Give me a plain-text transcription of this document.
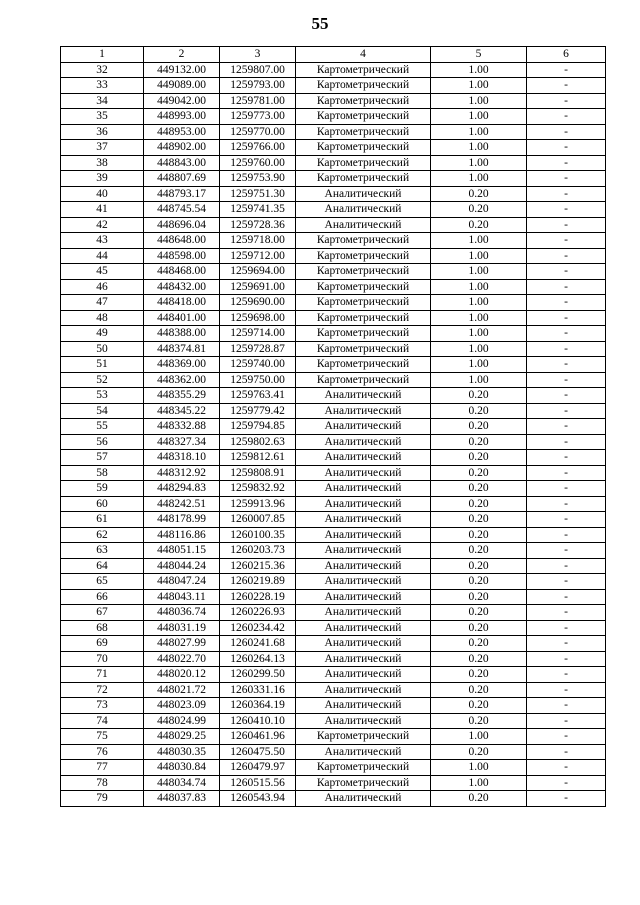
55
1	2	3	4	5	6
32	449132.00	1259807.00	Картометрический	1.00	-
33	449089.00	1259793.00	Картометрический	1.00	-
34	449042.00	1259781.00	Картометрический	1.00	-
35	448993.00	1259773.00	Картометрический	1.00	-
36	448953.00	1259770.00	Картометрический	1.00	-
37	448902.00	1259766.00	Картометрический	1.00	-
38	448843.00	1259760.00	Картометрический	1.00	-
39	448807.69	1259753.90	Картометрический	1.00	-
40	448793.17	1259751.30	Аналитический	0.20	-
41	448745.54	1259741.35	Аналитический	0.20	-
42	448696.04	1259728.36	Аналитический	0.20	-
43	448648.00	1259718.00	Картометрический	1.00	-
44	448598.00	1259712.00	Картометрический	1.00	-
45	448468.00	1259694.00	Картометрический	1.00	-
46	448432.00	1259691.00	Картометрический	1.00	-
47	448418.00	1259690.00	Картометрический	1.00	-
48	448401.00	1259698.00	Картометрический	1.00	-
49	448388.00	1259714.00	Картометрический	1.00	-
50	448374.81	1259728.87	Картометрический	1.00	-
51	448369.00	1259740.00	Картометрический	1.00	-
52	448362.00	1259750.00	Картометрический	1.00	-
53	448355.29	1259763.41	Аналитический	0.20	-
54	448345.22	1259779.42	Аналитический	0.20	-
55	448332.88	1259794.85	Аналитический	0.20	-
56	448327.34	1259802.63	Аналитический	0.20	-
57	448318.10	1259812.61	Аналитический	0.20	-
58	448312.92	1259808.91	Аналитический	0.20	-
59	448294.83	1259832.92	Аналитический	0.20	-
60	448242.51	1259913.96	Аналитический	0.20	-
61	448178.99	1260007.85	Аналитический	0.20	-
62	448116.86	1260100.35	Аналитический	0.20	-
63	448051.15	1260203.73	Аналитический	0.20	-
64	448044.24	1260215.36	Аналитический	0.20	-
65	448047.24	1260219.89	Аналитический	0.20	-
66	448043.11	1260228.19	Аналитический	0.20	-
67	448036.74	1260226.93	Аналитический	0.20	-
68	448031.19	1260234.42	Аналитический	0.20	-
69	448027.99	1260241.68	Аналитический	0.20	-
70	448022.70	1260264.13	Аналитический	0.20	-
71	448020.12	1260299.50	Аналитический	0.20	-
72	448021.72	1260331.16	Аналитический	0.20	-
73	448023.09	1260364.19	Аналитический	0.20	-
74	448024.99	1260410.10	Аналитический	0.20	-
75	448029.25	1260461.96	Картометрический	1.00	-
76	448030.35	1260475.50	Аналитический	0.20	-
77	448030.84	1260479.97	Картометрический	1.00	-
78	448034.74	1260515.56	Картометрический	1.00	-
79	448037.83	1260543.94	Аналитический	0.20	-
